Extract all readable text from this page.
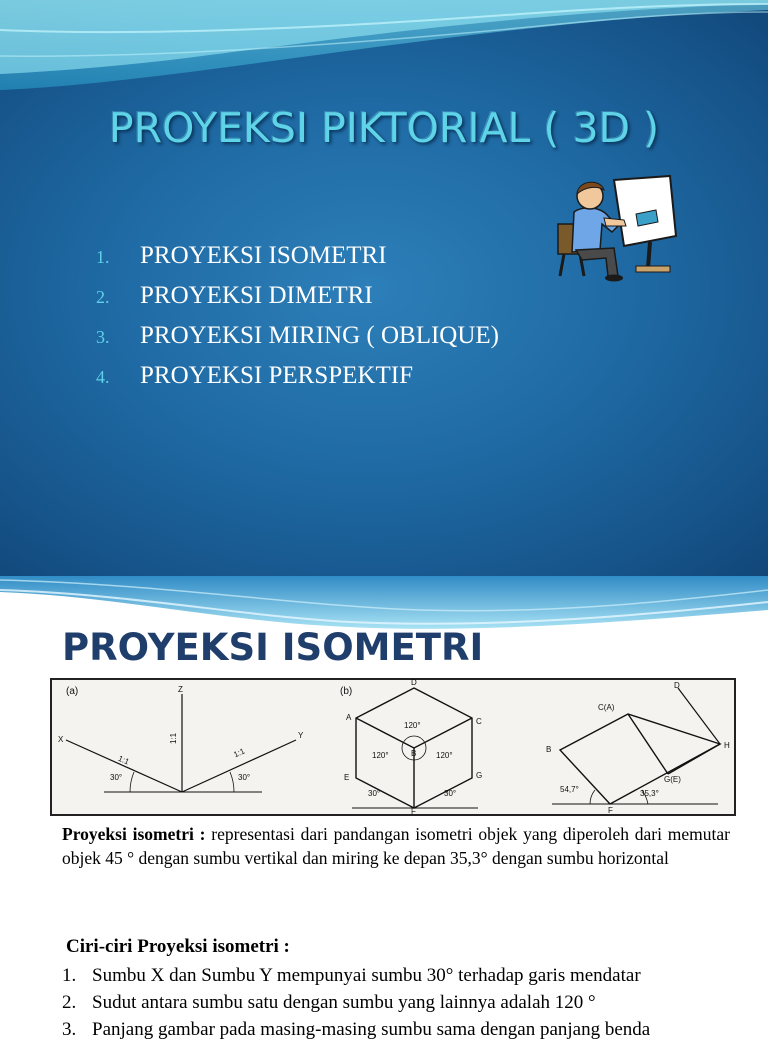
PROYEKSI PIKTORIAL ( 3D )
1. PROYEKSI ISOMETRI
2. PROYEKSI DIMETRI
3. PROYEKSI MIRING ( OBLIQUE)
4. PROYEKSI PERSPEKTIF
PROYEKSI ISOMETRI
(a)	Z
1:1
X	Y
1:1
1:1
30°	30°
(b)
D
A	C
B
E	G
F
120°
120°	120°
30°	30°
D
C(A)
B	H
G(E)
F
54,7°	35,3°
Proyeksi isometri : representasi dari pandangan isometri objek yang diperoleh dari memutar objek 45 ° dengan sumbu vertikal dan miring ke depan 35,3° dengan sumbu horizontal
Ciri-ciri Proyeksi isometri :
1. Sumbu X dan Sumbu Y mempunyai sumbu 30° terhadap garis mendatar
2. Sudut antara sumbu satu dengan sumbu yang lainnya adalah 120 °
3. Panjang gambar pada masing-masing sumbu sama dengan panjang benda
